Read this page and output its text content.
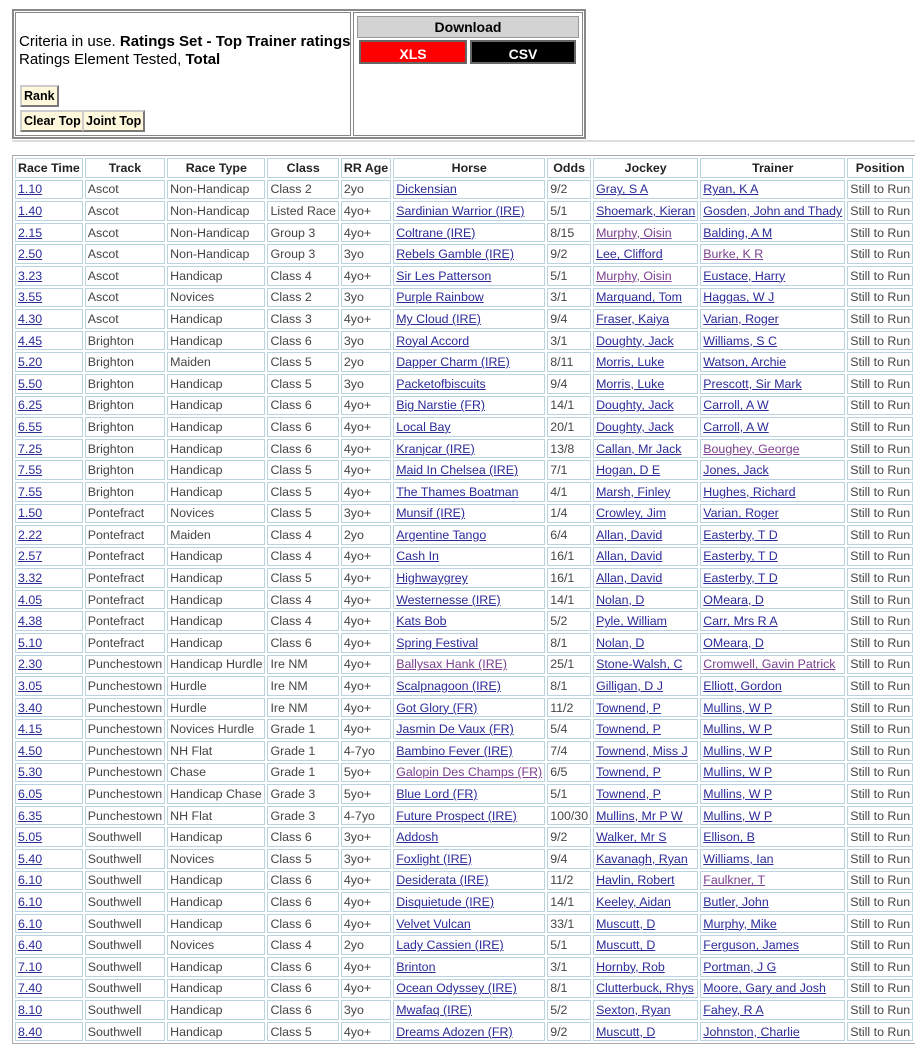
Criteria in use. Ratings Set - Top Trainer ratings
Ratings Element Tested, Total
Rank
Clear Top Joint Top
Download
XLS	CSV
Race Time	Track	Race Type	Class	RR Age	Horse	Odds	Jockey	Trainer	Position
1.10	Ascot	Non-Handicap	Class 2	2yo	Dickensian	9/2	Gray, S A	Ryan, K A	Still to Run
1.40	Ascot	Non-Handicap	Listed Race	4yo+	Sardinian Warrior (IRE)	5/1	Shoemark, Kieran	Gosden, John and Thady	Still to Run
2.15	Ascot	Non-Handicap	Group 3	4yo+	Coltrane (IRE)	8/15	Murphy, Oisin	Balding, A M	Still to Run
2.50	Ascot	Non-Handicap	Group 3	3yo	Rebels Gamble (IRE)	9/2	Lee, Clifford	Burke, K R	Still to Run
3.23	Ascot	Handicap	Class 4	4yo+	Sir Les Patterson	5/1	Murphy, Oisin	Eustace, Harry	Still to Run
3.55	Ascot	Novices	Class 2	3yo	Purple Rainbow	3/1	Marquand, Tom	Haggas, W J	Still to Run
4.30	Ascot	Handicap	Class 3	4yo+	My Cloud (IRE)	9/4	Fraser, Kaiya	Varian, Roger	Still to Run
4.45	Brighton	Handicap	Class 6	3yo	Royal Accord	3/1	Doughty, Jack	Williams, S C	Still to Run
5.20	Brighton	Maiden	Class 5	2yo	Dapper Charm (IRE)	8/11	Morris, Luke	Watson, Archie	Still to Run
5.50	Brighton	Handicap	Class 5	3yo	Packetofbiscuits	9/4	Morris, Luke	Prescott, Sir Mark	Still to Run
6.25	Brighton	Handicap	Class 6	4yo+	Big Narstie (FR)	14/1	Doughty, Jack	Carroll, A W	Still to Run
6.55	Brighton	Handicap	Class 6	4yo+	Local Bay	20/1	Doughty, Jack	Carroll, A W	Still to Run
7.25	Brighton	Handicap	Class 6	4yo+	Kranjcar (IRE)	13/8	Callan, Mr Jack	Boughey, George	Still to Run
7.55	Brighton	Handicap	Class 5	4yo+	Maid In Chelsea (IRE)	7/1	Hogan, D E	Jones, Jack	Still to Run
7.55	Brighton	Handicap	Class 5	4yo+	The Thames Boatman	4/1	Marsh, Finley	Hughes, Richard	Still to Run
1.50	Pontefract	Novices	Class 5	3yo+	Munsif (IRE)	1/4	Crowley, Jim	Varian, Roger	Still to Run
2.22	Pontefract	Maiden	Class 4	2yo	Argentine Tango	6/4	Allan, David	Easterby, T D	Still to Run
2.57	Pontefract	Handicap	Class 4	4yo+	Cash In	16/1	Allan, David	Easterby, T D	Still to Run
3.32	Pontefract	Handicap	Class 5	4yo+	Highwaygrey	16/1	Allan, David	Easterby, T D	Still to Run
4.05	Pontefract	Handicap	Class 4	4yo+	Westernesse (IRE)	14/1	Nolan, D	OMeara, D	Still to Run
4.38	Pontefract	Handicap	Class 4	4yo+	Kats Bob	5/2	Pyle, William	Carr, Mrs R A	Still to Run
5.10	Pontefract	Handicap	Class 6	4yo+	Spring Festival	8/1	Nolan, D	OMeara, D	Still to Run
2.30	Punchestown	Handicap Hurdle	Ire NM	4yo+	Ballysax Hank (IRE)	25/1	Stone-Walsh, C	Cromwell, Gavin Patrick	Still to Run
3.05	Punchestown	Hurdle	Ire NM	4yo+	Scalpnagoon (IRE)	8/1	Gilligan, D J	Elliott, Gordon	Still to Run
3.40	Punchestown	Hurdle	Ire NM	4yo+	Got Glory (FR)	11/2	Townend, P	Mullins, W P	Still to Run
4.15	Punchestown	Novices Hurdle	Grade 1	4yo+	Jasmin De Vaux (FR)	5/4	Townend, P	Mullins, W P	Still to Run
4.50	Punchestown	NH Flat	Grade 1	4-7yo	Bambino Fever (IRE)	7/4	Townend, Miss J	Mullins, W P	Still to Run
5.30	Punchestown	Chase	Grade 1	5yo+	Galopin Des Champs (FR)	6/5	Townend, P	Mullins, W P	Still to Run
6.05	Punchestown	Handicap Chase	Grade 3	5yo+	Blue Lord (FR)	5/1	Townend, P	Mullins, W P	Still to Run
6.35	Punchestown	NH Flat	Grade 3	4-7yo	Future Prospect (IRE)	100/30	Mullins, Mr P W	Mullins, W P	Still to Run
5.05	Southwell	Handicap	Class 6	3yo+	Addosh	9/2	Walker, Mr S	Ellison, B	Still to Run
5.40	Southwell	Novices	Class 5	3yo+	Foxlight (IRE)	9/4	Kavanagh, Ryan	Williams, Ian	Still to Run
6.10	Southwell	Handicap	Class 6	4yo+	Desiderata (IRE)	11/2	Havlin, Robert	Faulkner, T	Still to Run
6.10	Southwell	Handicap	Class 6	4yo+	Disquietude (IRE)	14/1	Keeley, Aidan	Butler, John	Still to Run
6.10	Southwell	Handicap	Class 6	4yo+	Velvet Vulcan	33/1	Muscutt, D	Murphy, Mike	Still to Run
6.40	Southwell	Novices	Class 4	2yo	Lady Cassien (IRE)	5/1	Muscutt, D	Ferguson, James	Still to Run
7.10	Southwell	Handicap	Class 6	4yo+	Brinton	3/1	Hornby, Rob	Portman, J G	Still to Run
7.40	Southwell	Handicap	Class 6	4yo+	Ocean Odyssey (IRE)	8/1	Clutterbuck, Rhys	Moore, Gary and Josh	Still to Run
8.10	Southwell	Handicap	Class 6	3yo	Mwafaq (IRE)	5/2	Sexton, Ryan	Fahey, R A	Still to Run
8.40	Southwell	Handicap	Class 5	4yo+	Dreams Adozen (FR)	9/2	Muscutt, D	Johnston, Charlie	Still to Run
